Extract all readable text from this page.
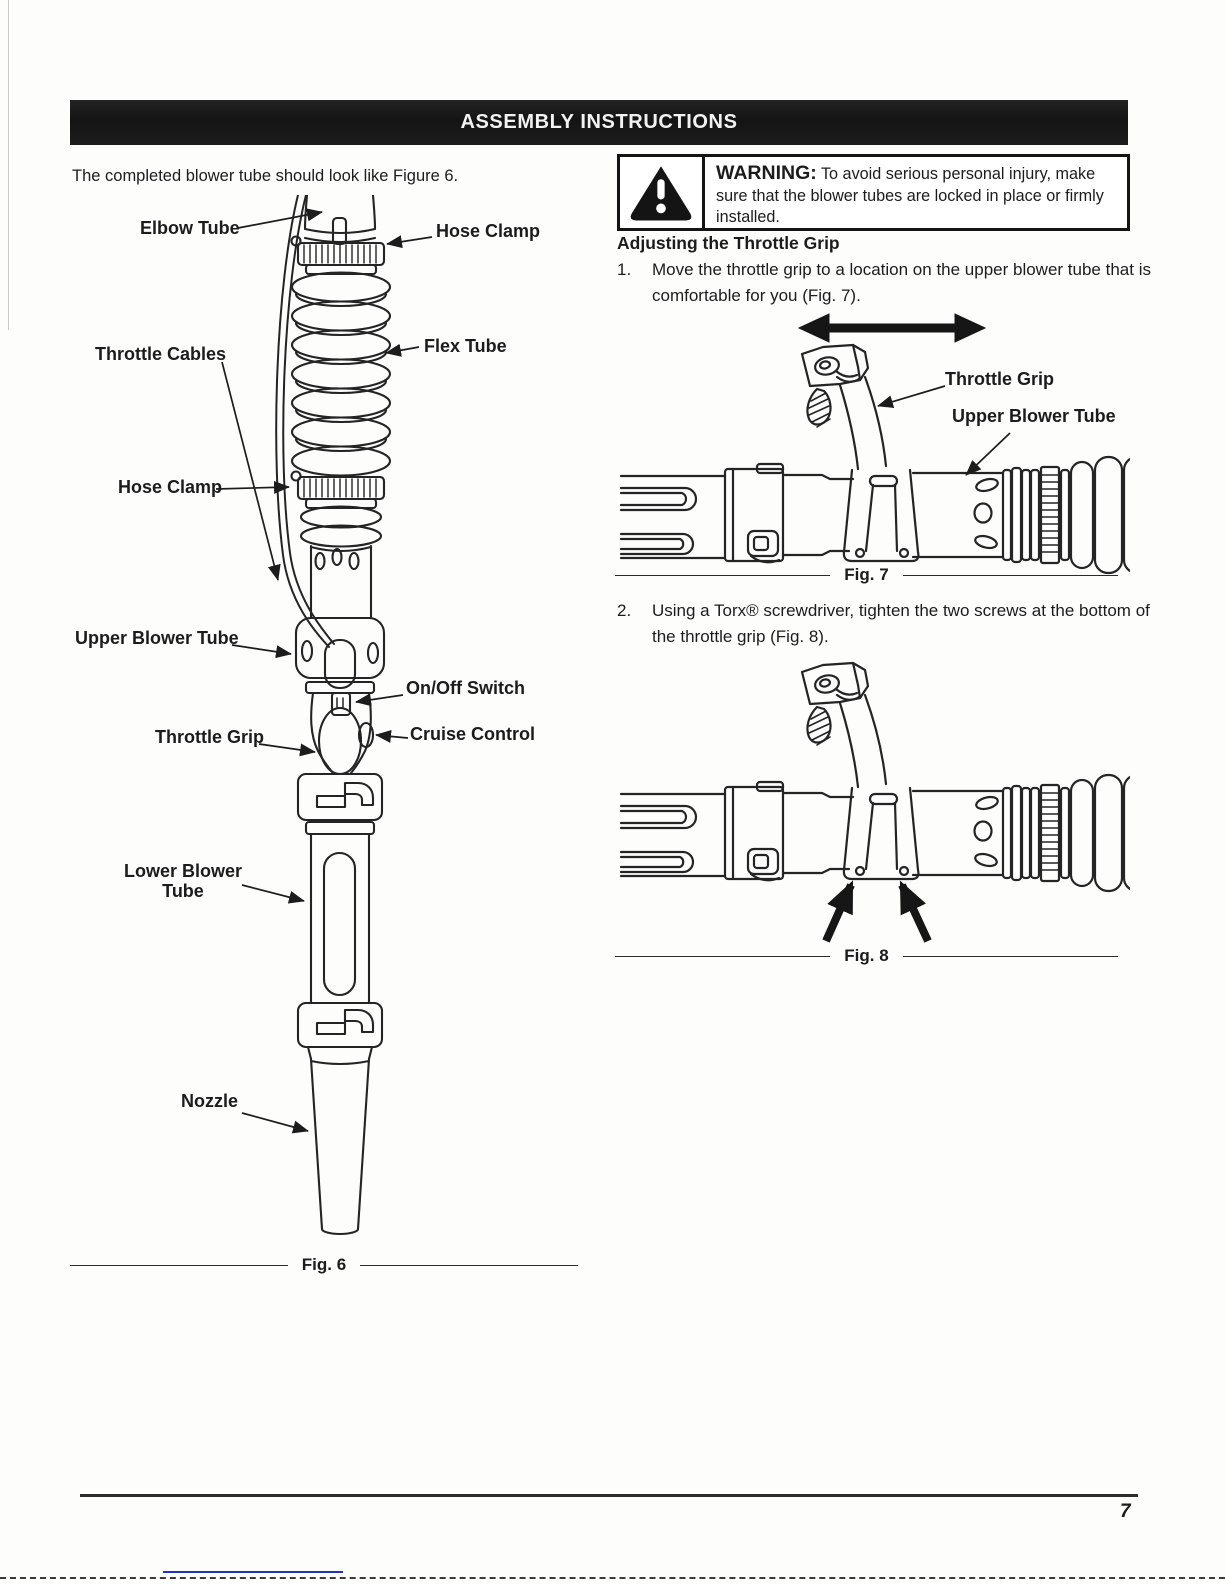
ASSEMBLY INSTRUCTIONS

The completed blower tube should look like Figure 6.

Elbow Tube	Hose Clamp
Throttle Cables	Flex Tube
Hose Clamp
Upper Blower Tube
On/Off Switch
Throttle Grip	Cruise Control
Lower Blower Tube
Nozzle
Fig. 6
WARNING: To avoid serious personal injury, make sure that the blower tubes are locked in place or firmly installed.
Adjusting the Throttle Grip
1.	Move the throttle grip to a location on the upper blower tube that is comfortable for you (Fig. 7).
Throttle Grip
Upper Blower Tube
Fig. 7
2.	Using a Torx® screwdriver, tighten the two screws at the bottom of the throttle grip (Fig. 8).
Fig. 8
7
